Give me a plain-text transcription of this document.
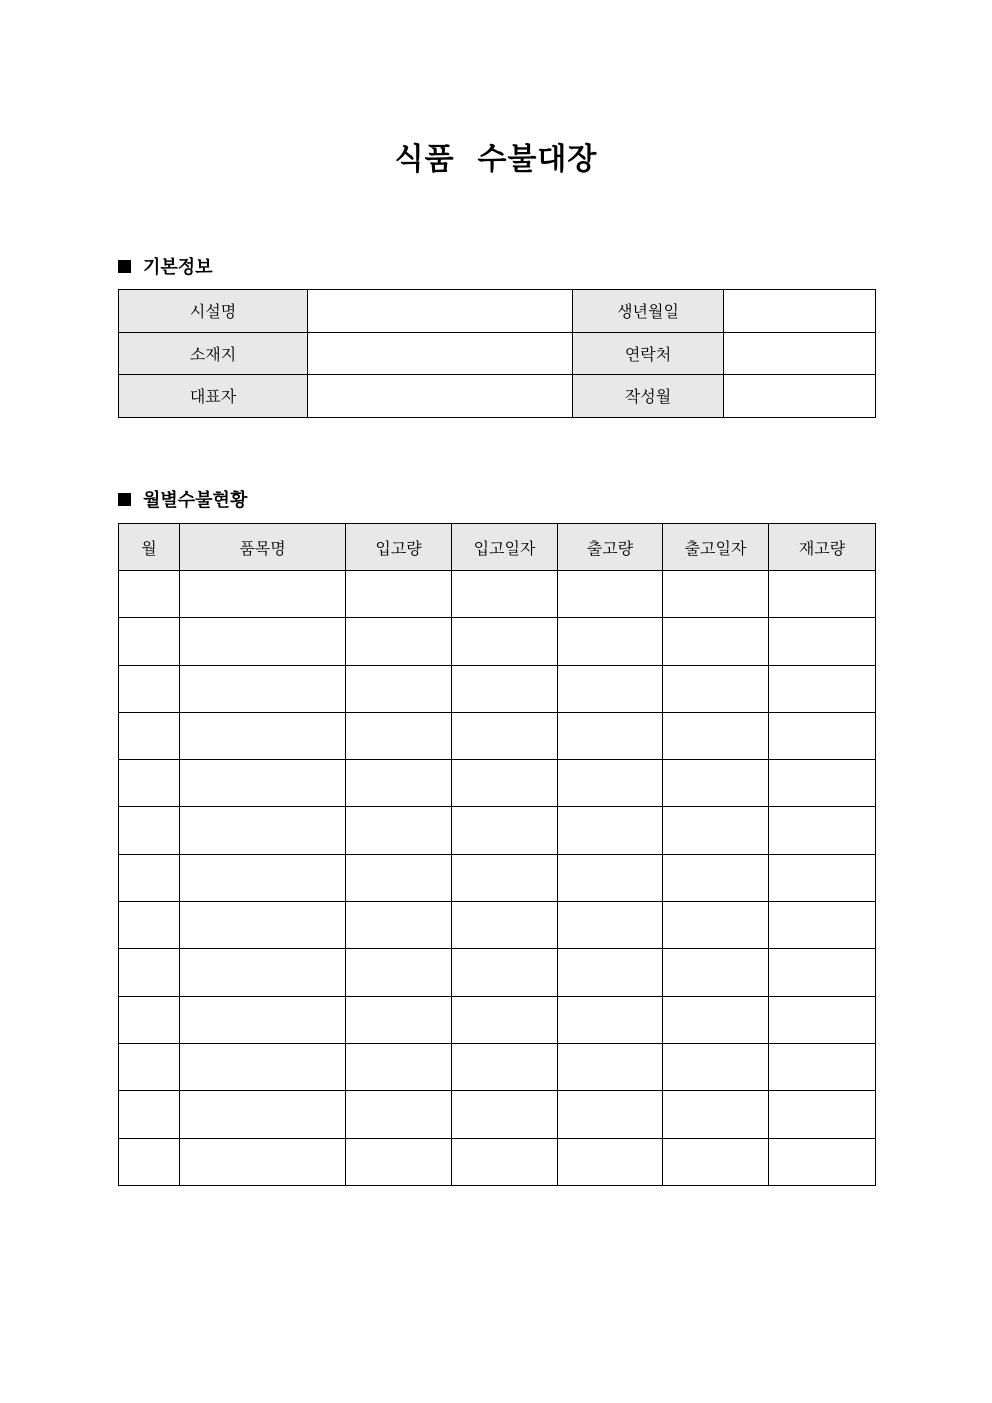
식품  수불대장
기본정보
시설명		생년월일	
소재지		연락처	
대표자		작성월	
월별수불현황
월	품목명	입고량	입고일자	출고량	출고일자	재고량
